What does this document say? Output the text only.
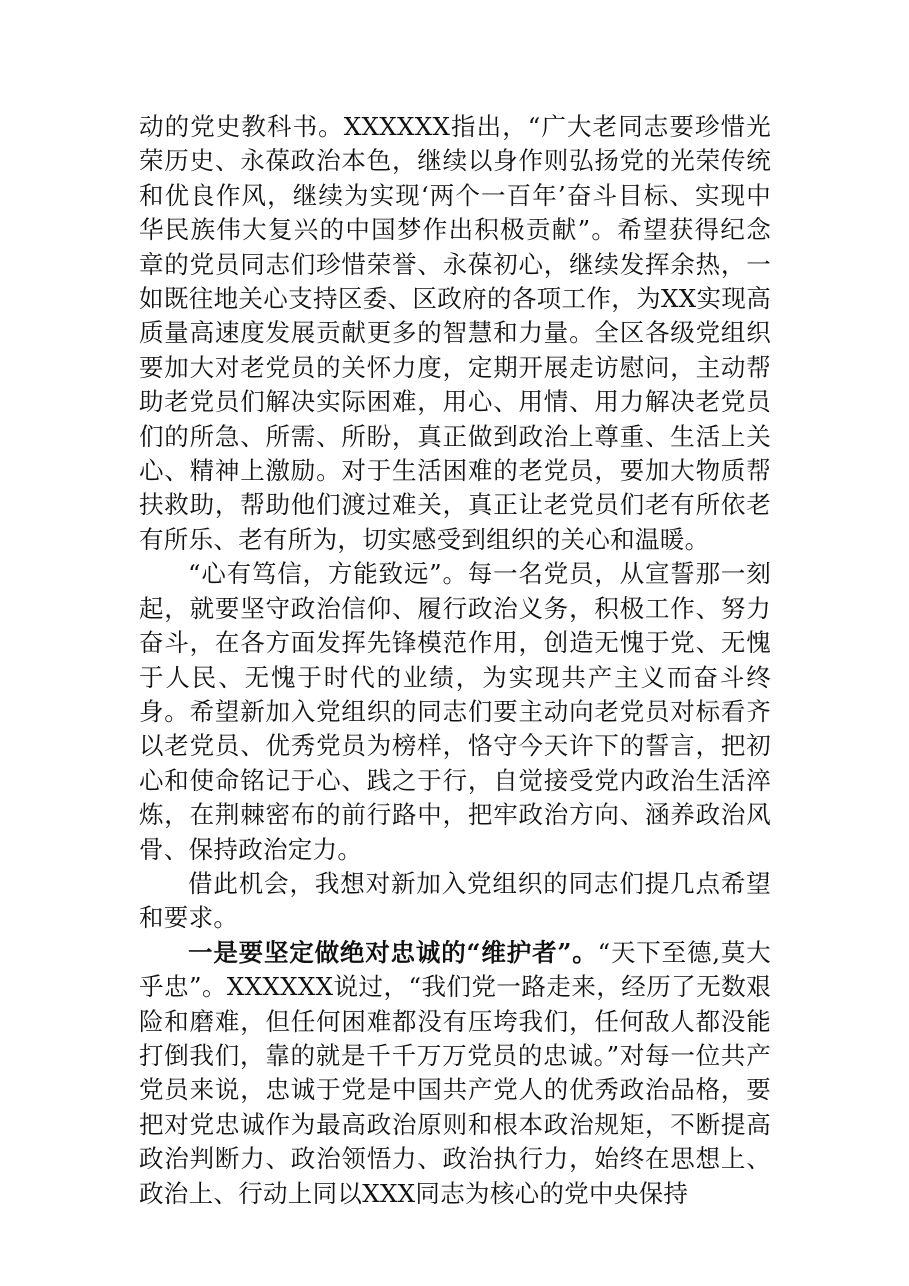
动的党史教科书。XXXXXX指出，“广大老同志要珍惜光荣历史、永葆政治本色，继续以身作则弘扬党的光荣传统和优良作风，继续为实现‘两个一百年’奋斗目标、实现中华民族伟大复兴的中国梦作出积极贡献”。希望获得纪念章的党员同志们珍惜荣誉、永葆初心，继续发挥余热，一如既往地关心支持区委、区政府的各项工作，为XX实现高质量高速度发展贡献更多的智慧和力量。全区各级党组织要加大对老党员的关怀力度，定期开展走访慰问，主动帮助老党员们解决实际困难，用心、用情、用力解决老党员们的所急、所需、所盼，真正做到政治上尊重、生活上关心、精神上激励。对于生活困难的老党员，要加大物质帮扶救助，帮助他们渡过难关，真正让老党员们老有所依老有所乐、老有所为，切实感受到组织的关心和温暖。

“心有笃信，方能致远”。每一名党员，从宣誓那一刻起，就要坚守政治信仰、履行政治义务，积极工作、努力奋斗，在各方面发挥先锋模范作用，创造无愧于党、无愧于人民、无愧于时代的业绩，为实现共产主义而奋斗终身。希望新加入党组织的同志们要主动向老党员对标看齐以老党员、优秀党员为榜样，恪守今天许下的誓言，把初心和使命铭记于心、践之于行，自觉接受党内政治生活淬炼，在荆棘密布的前行路中，把牢政治方向、涵养政治风骨、保持政治定力。

借此机会，我想对新加入党组织的同志们提几点希望和要求。

一是要坚定做绝对忠诚的“维护者”。“天下至德,莫大乎忠”。XXXXXX说过，“我们党一路走来，经历了无数艰险和磨难，但任何困难都没有压垮我们，任何敌人都没能打倒我们，靠的就是千千万万党员的忠诚。”对每一位共产党员来说，忠诚于党是中国共产党人的优秀政治品格，要把对党忠诚作为最高政治原则和根本政治规矩，不断提高政治判断力、政治领悟力、政治执行力，始终在思想上、政治上、行动上同以XXX同志为核心的党中央保持
